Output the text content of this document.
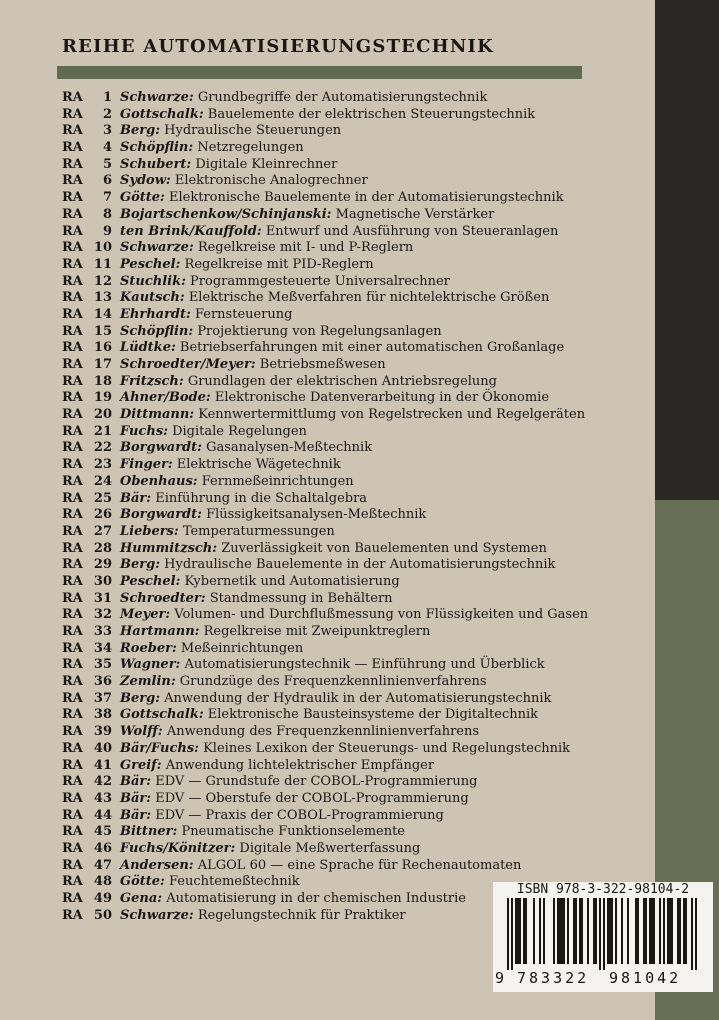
REIHE AUTOMATISIERUNGSTECHNIK
RA	1 Schwarze: Grundbegriffe der Automatisierungstechnik
RA	2 Gottschalk: Bauelemente der elektrischen Steuerungstechnik
RA	3 Berg: Hydraulische Steuerungen
RA	4 Schöpflin: Netzregelungen
RA	5 Schubert: Digitale Kleinrechner
RA	6 Sydow: Elektronische Analogrechner
RA	7 Götte: Elektronische Bauelemente in der Automatisierungstechnik
RA	8 Bojartschenkow/Schinjanski: Magnetische Verstärker
RA	9 ten Brink/Kauffold: Entwurf und Ausführung von Steueranlagen
RA 10 Schwarze: Regelkreise mit I- und P-Reglern
RA 11 Peschel: Regelkreise mit PID-Reglern
RA 12 Stuchlik: Programmgesteuerte Universalrechner
RA 13 Kautsch: Elektrische Meßverfahren für nichtelektrische Größen
RA 14 Ehrhardt: Fernsteuerung
RA 15 Schöpflin: Projektierung von Regelungsanlagen
RA 16 Lüdtke: Betriebserfahrungen mit einer automatischen Großanlage
RA 17 Schroedter/Meyer: Betriebsmeßwesen
RA 18 Fritzsch: Grundlagen der elektrischen Antriebsregelung
RA 19 Ahner/Bode: Elektronische Datenverarbeitung in der Ökonomie
RA 20 Dittmann: Kennwertermittlumg von Regelstrecken und Regelgeräten
RA 21 Fuchs: Digitale Regelungen
RA 22 Borgwardt: Gasanalysen-Meßtechnik
RA 23 Finger: Elektrische Wägetechnik
RA 24 Obenhaus: Fernmeßeinrichtungen
RA 25 Bär: Einführung in die Schaltalgebra
RA 26 Borgwardt: Flüssigkeitsanalysen-Meßtechnik
RA 27 Liebers: Temperaturmessungen
RA 28 Hummitzsch: Zuverlässigkeit von Bauelementen und Systemen
RA 29 Berg: Hydraulische Bauelemente in der Automatisierungstechnik
RA 30 Peschel: Kybernetik und Automatisierung
RA 31 Schroedter: Standmessung in Behältern
RA 32 Meyer: Volumen- und Durchflußmessung von Flüssigkeiten und Gasen
RA 33 Hartmann: Regelkreise mit Zweipunktreglern
RA 34 Roeber: Meßeinrichtungen
RA 35 Wagner: Automatisierungstechnik — Einführung und Überblick
RA 36 Zemlin: Grundzüge des Frequenzkennlinienverfahrens
RA 37 Berg: Anwendung der Hydraulik in der Automatisierungstechnik
RA 38 Gottschalk: Elektronische Bausteinsysteme der Digitaltechnik
RA 39 Wolff: Anwendung des Frequenzkennlinienverfahrens
RA 40 Bär/Fuchs: Kleines Lexikon der Steuerungs- und Regelungstechnik
RA 41 Greif: Anwendung lichtelektrischer Empfänger
RA 42 Bär: EDV — Grundstufe der COBOL-Programmierung
RA 43 Bär: EDV — Oberstufe der COBOL-Programmierung
RA 44 Bär: EDV — Praxis der COBOL-Programmierung
RA 45 Bittner: Pneumatische Funktionselemente
RA 46 Fuchs/Könitzer: Digitale Meßwerterfassung
RA 47 Andersen: ALGOL 60 — eine Sprache für Rechenautomaten
RA 48 Götte: Feuchtemeßtechnik
RA 49 Gena: Automatisierung in der chemischen Industrie
RA 50 Schwarze: Regelungstechnik für Praktiker
ISBN 978-3-322-98104-2
9 783322 981042
